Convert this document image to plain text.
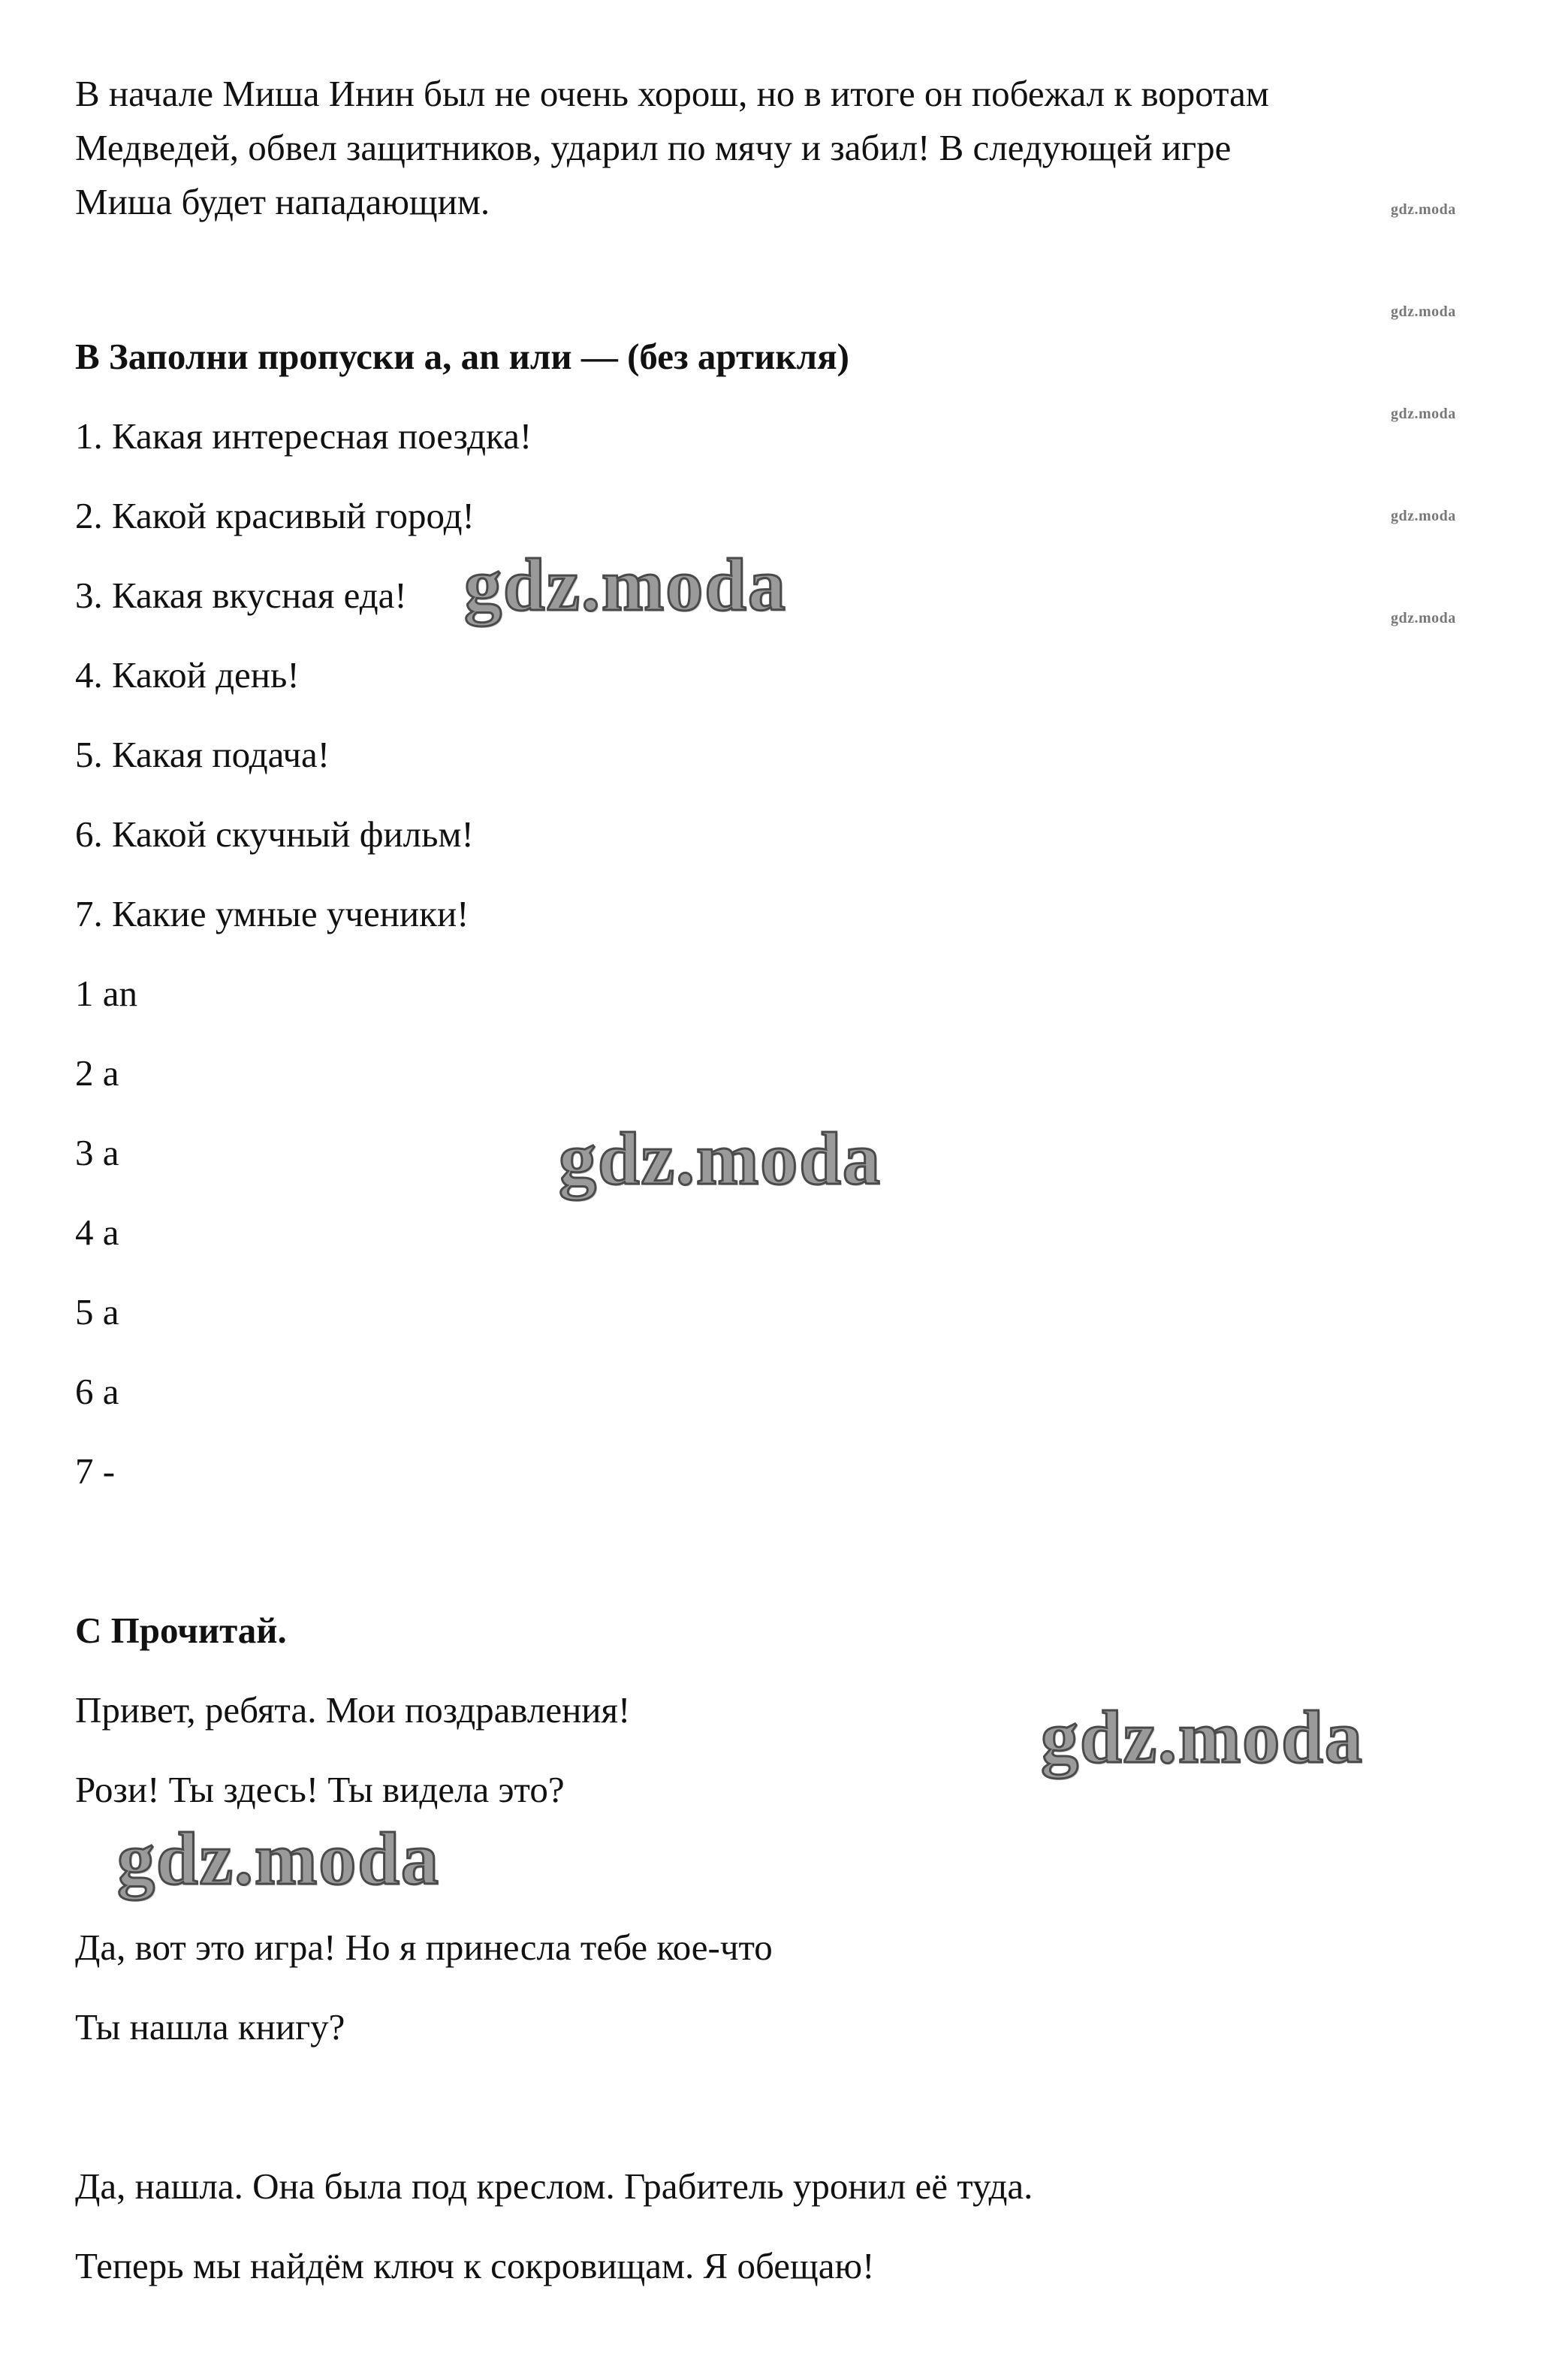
В начале Миша Инин был не очень хорош, но в итоге он побежал к воротам
Медведей, обвел защитников, ударил по мячу и забил! В следующей игре
Миша будет нападающим.
B Заполни пропуски a, an или — (без артикля)
1. Какая интересная поездка!
2. Какой красивый город!
3. Какая вкусная еда!
4. Какой день!
5. Какая подача!
6. Какой скучный фильм!
7. Какие умные ученики!
1 an
2 a
3 a
4 a
5 a
6 a
7 -
C Прочитай.
Привет, ребята. Мои поздравления!
Рози! Ты здесь! Ты видела это?
Да, вот это игра! Но я принесла тебе кое-что
Ты нашла книгу?
Да, нашла. Она была под креслом. Грабитель уронил её туда.
Теперь мы найдём ключ к сокровищам. Я обещаю!
gdz.moda
gdz.moda
gdz.moda
gdz.moda
gdz.moda
gdz.moda
gdz.moda
gdz.moda
gdz.moda
